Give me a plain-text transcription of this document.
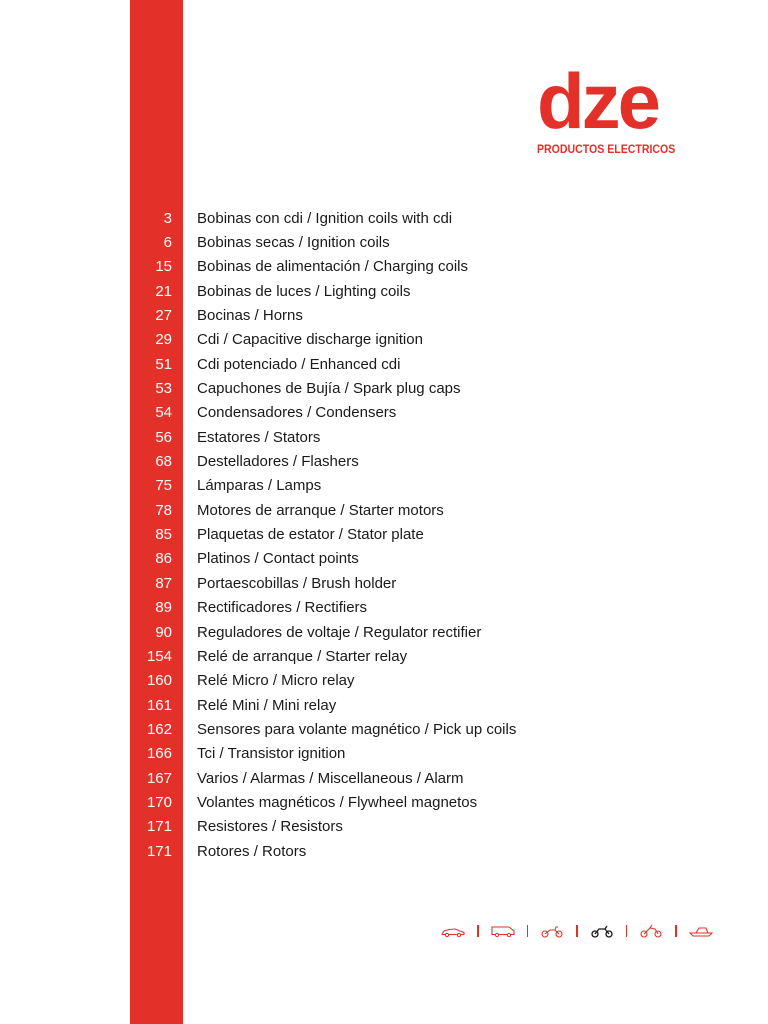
dze
PRODUCTOS ELECTRICOS
3 Bobinas con cdi / Ignition coils with cdi
6 Bobinas secas / Ignition coils
15 Bobinas de alimentación / Charging coils
21 Bobinas de luces / Lighting coils
27 Bocinas / Horns
29 Cdi / Capacitive discharge ignition
51 Cdi potenciado / Enhanced cdi
53 Capuchones de Bujía / Spark plug caps
54 Condensadores / Condensers
56 Estatores / Stators
68 Destelladores / Flashers
75 Lámparas / Lamps
78 Motores de arranque / Starter motors
85 Plaquetas de estator / Stator plate
86 Platinos / Contact points
87 Portaescobillas / Brush holder
89 Rectificadores / Rectifiers
90 Reguladores de voltaje / Regulator rectifier
154 Relé de arranque / Starter relay
160 Relé Micro / Micro relay
161 Relé Mini / Mini relay
162 Sensores para volante magnético / Pick up coils
166 Tci / Transistor ignition
167 Varios / Alarmas / Miscellaneous / Alarm
170 Volantes magnéticos / Flywheel magnetos
171 Resistores / Resistors
171 Rotores / Rotors
